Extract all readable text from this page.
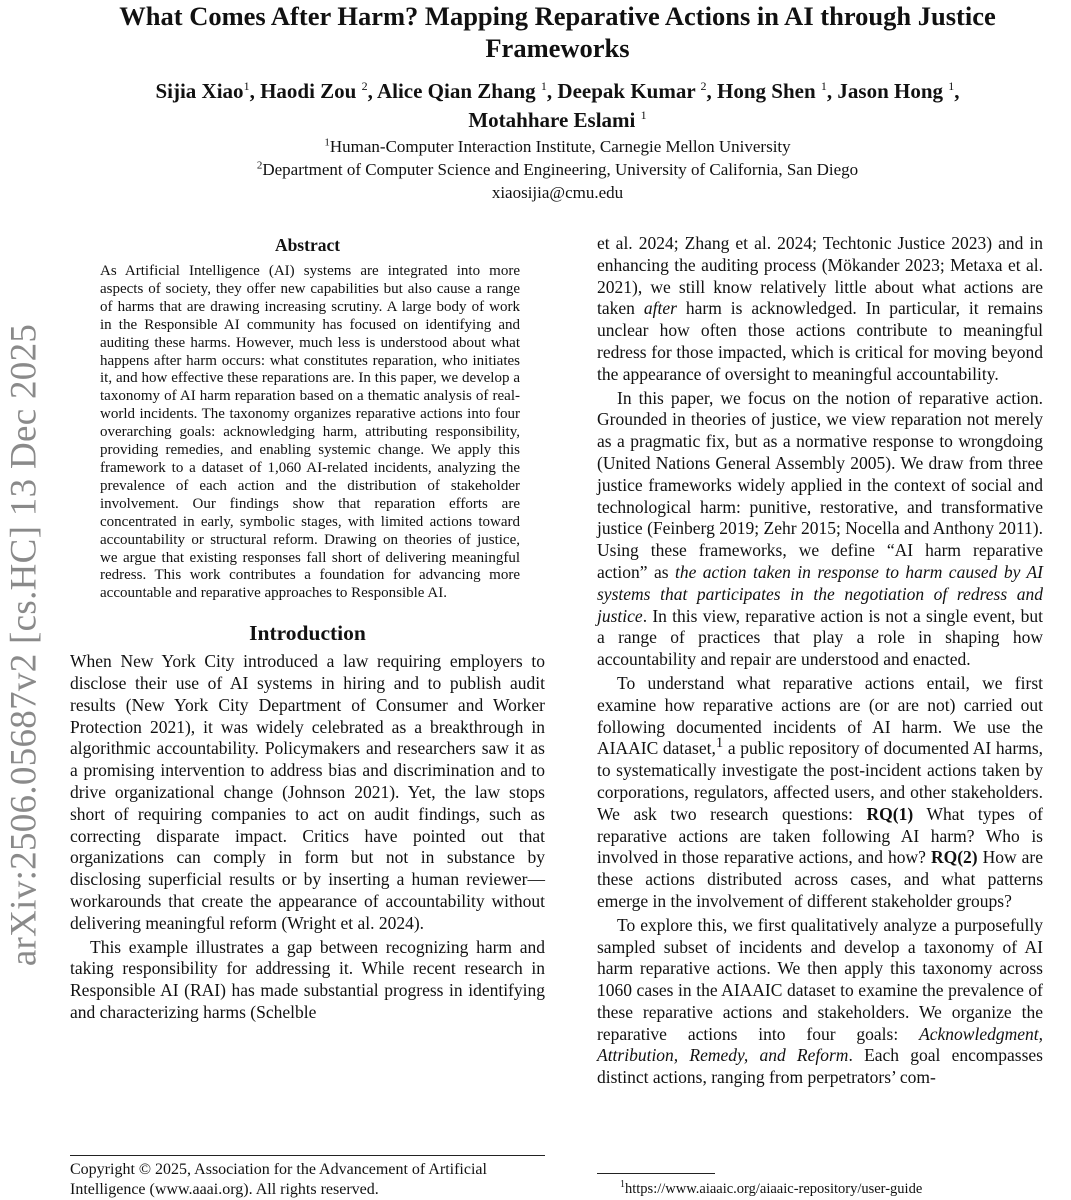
arXiv:2506.05687v2 [cs.HC] 13 Dec 2025
What Comes After Harm? Mapping Reparative Actions in AI through Justice Frameworks
Sijia Xiao$^1$, Haodi Zou $^2$, Alice Qian Zhang $^1$, Deepak Kumar $^2$, Hong Shen $^1$, Jason Hong $^1$,
Motahhare Eslami $^1$
$^1$Human-Computer Interaction Institute, Carnegie Mellon University
$^2$Department of Computer Science and Engineering, University of California, San Diego
xiaosijia@cmu.edu
Abstract

As Artificial Intelligence (AI) systems are integrated into more aspects of society, they offer new capabilities but also cause a range of harms that are drawing increasing scrutiny. A large body of work in the Responsible AI community has focused on identifying and auditing these harms. However, much less is understood about what happens after harm occurs: what constitutes reparation, who initiates it, and how effective these reparations are. In this paper, we develop a taxonomy of AI harm reparation based on a thematic analysis of real-world incidents. The taxonomy organizes reparative actions into four overarching goals: acknowledging harm, attributing responsibility, providing remedies, and enabling systemic change. We apply this framework to a dataset of 1,060 AI-related incidents, analyzing the prevalence of each action and the distribution of stakeholder involvement. Our findings show that reparation efforts are concentrated in early, symbolic stages, with limited actions toward accountability or structural reform. Drawing on theories of justice, we argue that existing responses fall short of delivering meaningful redress. This work contributes a foundation for advancing more accountable and reparative approaches to Responsible AI.

Introduction

When New York City introduced a law requiring employers to disclose their use of AI systems in hiring and to publish audit results (New York City Department of Consumer and Worker Protection 2021), it was widely celebrated as a breakthrough in algorithmic accountability. Policymakers and researchers saw it as a promising intervention to address bias and discrimination and to drive organizational change (Johnson 2021). Yet, the law stops short of requiring companies to act on audit findings, such as correcting disparate impact. Critics have pointed out that organizations can comply in form but not in substance by disclosing superficial results or by inserting a human reviewer—workarounds that create the appearance of accountability without delivering meaningful reform (Wright et al. 2024).

This example illustrates a gap between recognizing harm and taking responsibility for addressing it. While recent research in Responsible AI (RAI) has made substantial progress in identifying and characterizing harms (Schelble

et al. 2024; Zhang et al. 2024; Techtonic Justice 2023) and in enhancing the auditing process (Mökander 2023; Metaxa et al. 2021), we still know relatively little about what actions are taken after harm is acknowledged. In particular, it remains unclear how often those actions contribute to meaningful redress for those impacted, which is critical for moving beyond the appearance of oversight to meaningful accountability.

In this paper, we focus on the notion of reparative action. Grounded in theories of justice, we view reparation not merely as a pragmatic fix, but as a normative response to wrongdoing (United Nations General Assembly 2005). We draw from three justice frameworks widely applied in the context of social and technological harm: punitive, restorative, and transformative justice (Feinberg 2019; Zehr 2015; Nocella and Anthony 2011). Using these frameworks, we define “AI harm reparative action” as the action taken in response to harm caused by AI systems that participates in the negotiation of redress and justice. In this view, reparative action is not a single event, but a range of practices that play a role in shaping how accountability and repair are understood and enacted.

To understand what reparative actions entail, we first examine how reparative actions are (or are not) carried out following documented incidents of AI harm. We use the AIAAIC dataset,$^1$ a public repository of documented AI harms, to systematically investigate the post-incident actions taken by corporations, regulators, affected users, and other stakeholders. We ask two research questions: RQ(1) What types of reparative actions are taken following AI harm? Who is involved in those reparative actions, and how? RQ(2) How are these actions distributed across cases, and what patterns emerge in the involvement of different stakeholder groups?

To explore this, we first qualitatively analyze a purposefully sampled subset of incidents and develop a taxonomy of AI harm reparative actions. We then apply this taxonomy across 1060 cases in the AIAAIC dataset to examine the prevalence of these reparative actions and stakeholders. We organize the reparative actions into four goals: Acknowledgment, Attribution, Remedy, and Reform. Each goal encompasses distinct actions, ranging from perpetrators’ com-

Copyright © 2025, Association for the Advancement of Artificial Intelligence (www.aaai.org). All rights reserved.	$^1$https://www.aiaaic.org/aiaaic-repository/user-guide
